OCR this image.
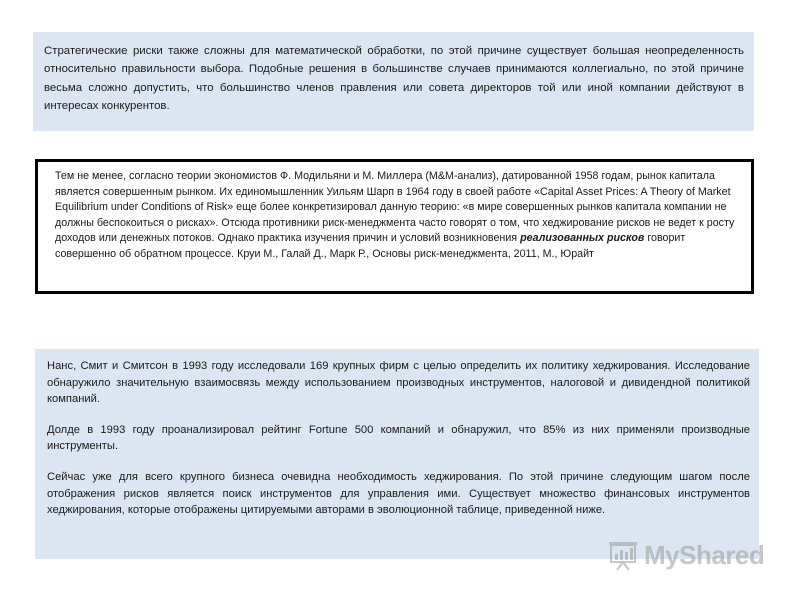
Стратегические риски также сложны для математической обработки, по этой причине существует большая неопределенность относительно правильности выбора. Подобные решения в большинстве случаев принимаются коллегиально, по этой причине весьма сложно допустить, что большинство членов правления или совета директоров той или иной компании действуют в интересах конкурентов.

Тем не менее, согласно теории экономистов Ф. Модильяни и М. Миллера (М&М-анализ), датированной 1958 годам, рынок капитала является совершенным рынком. Их единомышленник Уильям Шарп в 1964 году в своей работе «Capital Asset Prices: A Theory of Market Equilibrium under Conditions of Risk» еще более конкретизировал данную теорию: «в мире совершенных рынков капитала компании не должны беспокоиться о рисках». Отсюда противники риск-менеджмента часто говорят о том, что хеджирование рисков не ведет к росту доходов или денежных потоков. Однако практика изучения причин и условий возникновения реализованных рисков говорит совершенно об обратном процессе. Круи М., Галай Д., Марк Р., Основы риск-менеджмента, 2011, М., Юрайт

Нанс, Смит и Смитсон в 1993 году исследовали 169 крупных фирм с целью определить их политику хеджирования. Исследование обнаружило значительную взаимосвязь между использованием производных инструментов, налоговой и дивидендной политикой компаний.

Долде в 1993 году проанализировал рейтинг Fortune 500 компаний и обнаружил, что 85% из них применяли производные инструменты.

Сейчас уже для всего крупного бизнеса очевидна необходимость хеджирования. По этой причине следующим шагом после отображения рисков является поиск инструментов для управления ими. Существует множество финансовых инструментов хеджирования, которые отображены цитируемыми авторами в эволюционной таблице, приведенной ниже.

MyShared
